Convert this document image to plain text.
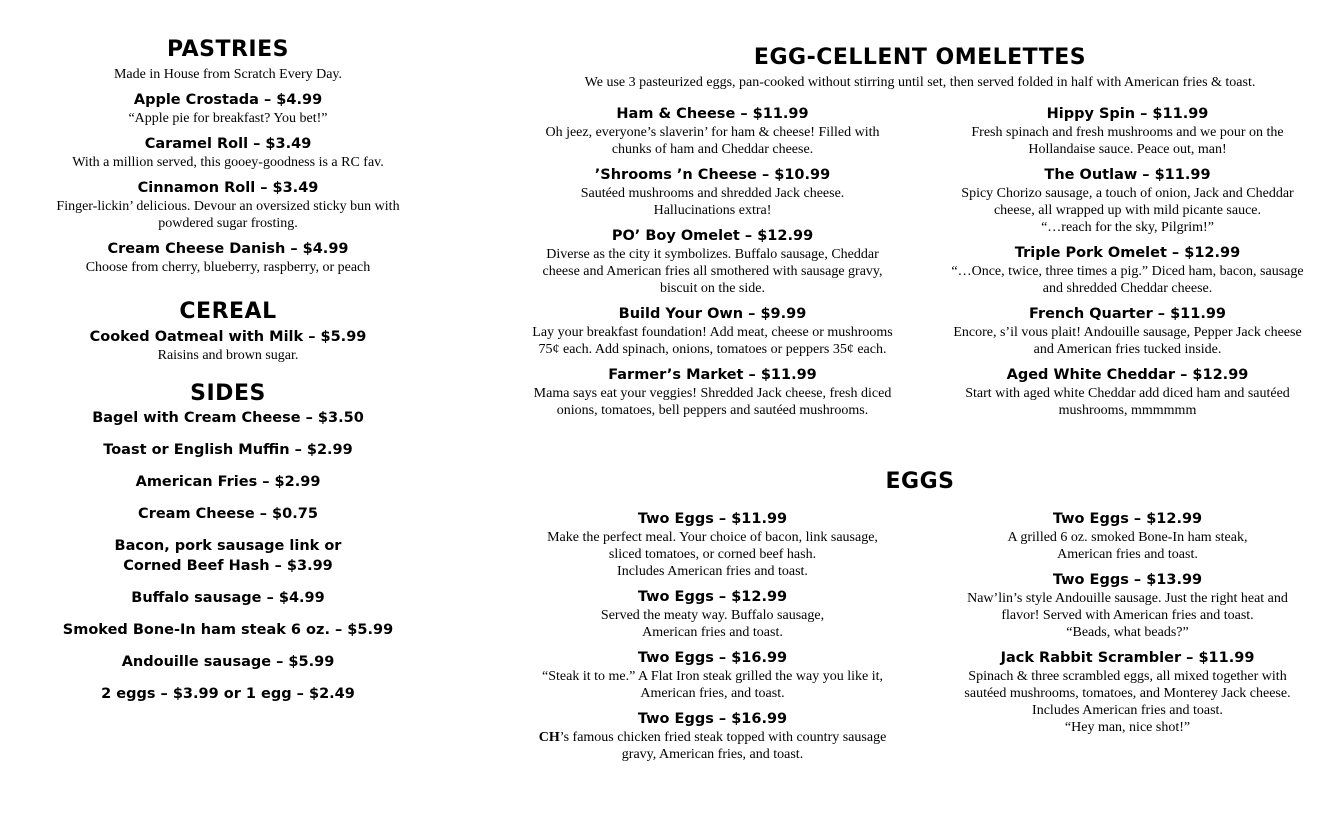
PASTRIES

Made in House from Scratch Every Day.

Apple Crostada – $4.99

“Apple pie for breakfast? You bet!”

Caramel Roll – $3.49

With a million served, this gooey-goodness is a RC fav.

Cinnamon Roll – $3.49

Finger-lickin’ delicious. Devour an oversized sticky bun with
powdered sugar frosting.

Cream Cheese Danish – $4.99

Choose from cherry, blueberry, raspberry, or peach

CEREAL

Cooked Oatmeal with Milk – $5.99

Raisins and brown sugar.

SIDES

Bagel with Cream Cheese – $3.50

Toast or English Muffin – $2.99

American Fries – $2.99

Cream Cheese – $0.75

Bacon, pork sausage link or
Corned Beef Hash – $3.99

Buffalo sausage – $4.99

Smoked Bone-In ham steak 6 oz. – $5.99

Andouille sausage – $5.99

2 eggs – $3.99 or 1 egg – $2.49

EGG-CELLENT OMELETTES

We use 3 pasteurized eggs, pan-cooked without stirring until set, then served folded in half with American fries & toast.

Ham & Cheese – $11.99

Oh jeez, everyone’s slaverin’ for ham & cheese! Filled with
chunks of ham and Cheddar cheese.

’Shrooms ’n Cheese – $10.99

Sautéed mushrooms and shredded Jack cheese.
Hallucinations extra!

PO’ Boy Omelet – $12.99

Diverse as the city it symbolizes. Buffalo sausage, Cheddar
cheese and American fries all smothered with sausage gravy,
biscuit on the side.

Build Your Own – $9.99

Lay your breakfast foundation! Add meat, cheese or mushrooms
75¢ each. Add spinach, onions, tomatoes or peppers 35¢ each.

Farmer’s Market – $11.99

Mama says eat your veggies! Shredded Jack cheese, fresh diced
onions, tomatoes, bell peppers and sautéed mushrooms.

Hippy Spin – $11.99

Fresh spinach and fresh mushrooms and we pour on the
Hollandaise sauce. Peace out, man!

The Outlaw – $11.99

Spicy Chorizo sausage, a touch of onion, Jack and Cheddar
cheese, all wrapped up with mild picante sauce.
“…reach for the sky, Pilgrim!”

Triple Pork Omelet – $12.99

“…Once, twice, three times a pig.” Diced ham, bacon, sausage
and shredded Cheddar cheese.

French Quarter – $11.99

Encore, s’il vous plait! Andouille sausage, Pepper Jack cheese
and American fries tucked inside.

Aged White Cheddar – $12.99

Start with aged white Cheddar add diced ham and sautéed
mushrooms, mmmmmm

EGGS

Two Eggs – $11.99

Make the perfect meal. Your choice of bacon, link sausage,
sliced tomatoes, or corned beef hash.
Includes American fries and toast.

Two Eggs – $12.99

Served the meaty way. Buffalo sausage,
American fries and toast.

Two Eggs – $16.99

“Steak it to me.” A Flat Iron steak grilled the way you like it,
American fries, and toast.

Two Eggs – $16.99

CH’s famous chicken fried steak topped with country sausage
gravy, American fries, and toast.

Two Eggs – $12.99

A grilled 6 oz. smoked Bone-In ham steak,
American fries and toast.

Two Eggs – $13.99

Naw’lin’s style Andouille sausage. Just the right heat and
flavor! Served with American fries and toast.
“Beads, what beads?”

Jack Rabbit Scrambler – $11.99

Spinach & three scrambled eggs, all mixed together with
sautéed mushrooms, tomatoes, and Monterey Jack cheese.
Includes American fries and toast.
“Hey man, nice shot!”
